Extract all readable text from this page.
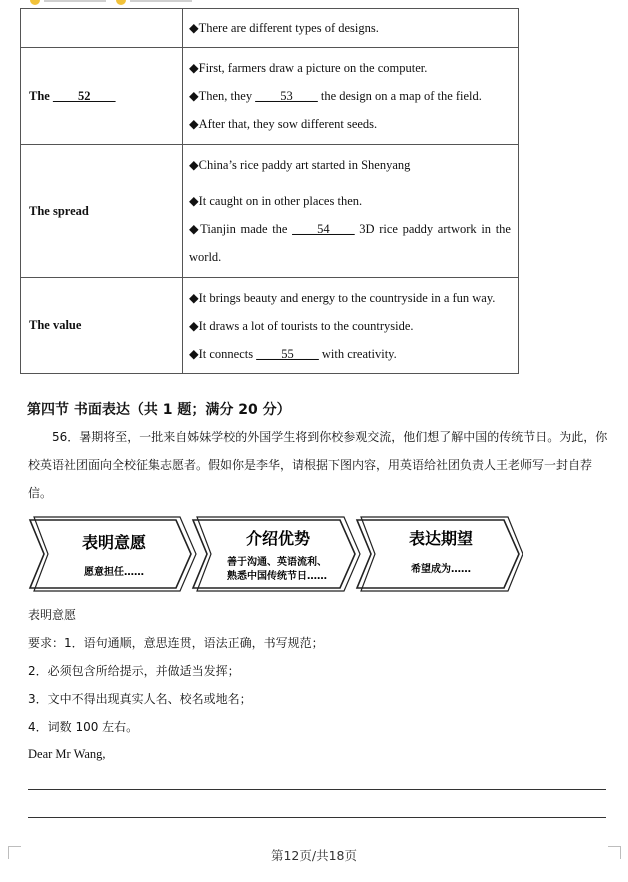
	◆There are different types of designs.

The ____52____	◆First, farmers draw a picture on the computer.
◆Then, they ____53____ the design on a map of the field.
◆After that, they sow different seeds.

The spread	◆China’s rice paddy art started in Shenyang
◆It caught on in other places then.
◆Tianjin made the ____54____ 3D rice paddy artwork in the world.

The value	◆It brings beauty and energy to the countryside in a fun way.
◆It draws a lot of tourists to the countryside.
◆It connects ____55____ with creativity.
第四节 书面表达（共 1 题；满分 20 分）
56．暑期将至，一批来自姊妹学校的外国学生将到你校参观交流，他们想了解中国的传统节日。为此，你校英语社团面向全校征集志愿者。假如你是李华，请根据下图内容，用英语给社团负责人王老师写一封自荐信。
表明意愿
愿意担任……
介绍优势
善于沟通、英语流利、
熟悉中国传统节日……
表达期望
希望成为……
表明意愿
要求：1．语句通顺，意思连贯，语法正确，书写规范；
2．必须包含所给提示，并做适当发挥；
3．文中不得出现真实人名、校名或地名；
4．词数 100 左右。
Dear Mr Wang,
第12页/共18页
